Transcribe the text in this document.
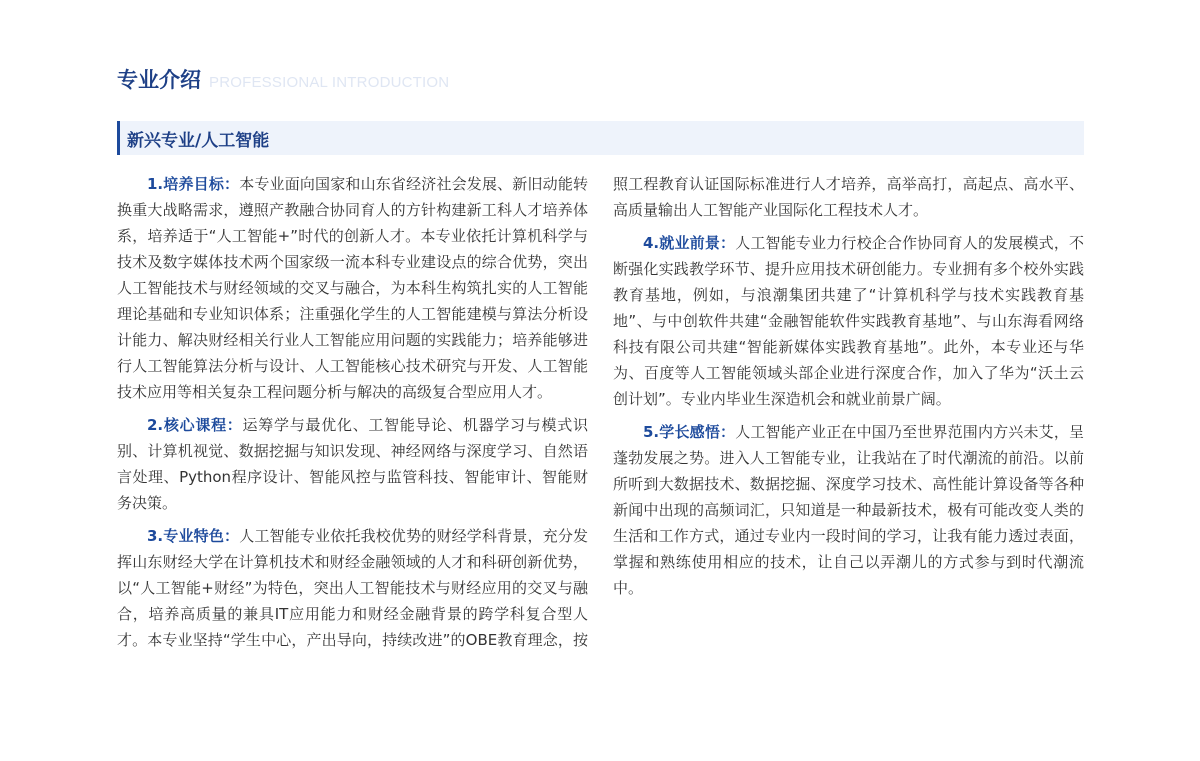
专业介绍 PROFESSIONAL INTRODUCTION
新兴专业/人工智能

1.培养目标：本专业面向国家和山东省经济社会发展、新旧动能转换重大战略需求，遵照产教融合协同育人的方针构建新工科人才培养体系，培养适于“人工智能+”时代的创新人才。本专业依托计算机科学与技术及数字媒体技术两个国家级一流本科专业建设点的综合优势，突出人工智能技术与财经领域的交叉与融合，为本科生构筑扎实的人工智能理论基础和专业知识体系；注重强化学生的人工智能建模与算法分析设计能力、解决财经相关行业人工智能应用问题的实践能力；培养能够进行人工智能算法分析与设计、人工智能核心技术研究与开发、人工智能技术应用等相关复杂工程问题分析与解决的高级复合型应用人才。

2.核心课程：运筹学与最优化、工智能导论、机器学习与模式识别、计算机视觉、数据挖掘与知识发现、神经网络与深度学习、自然语言处理、Python程序设计、智能风控与监管科技、智能审计、智能财务决策。

3.专业特色：人工智能专业依托我校优势的财经学科背景，充分发挥山东财经大学在计算机技术和财经金融领域的人才和科研创新优势，以“人工智能+财经”为特色，突出人工智能技术与财经应用的交叉与融合，培养高质量的兼具IT应用能力和财经金融背景的跨学科复合型人才。本专业坚持“学生中心，产出导向，持续改进”的OBE教育理念，按照工程教育认证国际标准进行人才培养，高举高打，高起点、高水平、高质量输出人工智能产业国际化工程技术人才。

4.就业前景：人工智能专业力行校企合作协同育人的发展模式，不断强化实践教学环节、提升应用技术研创能力。专业拥有多个校外实践教育基地，例如，与浪潮集团共建了“计算机科学与技术实践教育基地”、与中创软件共建“金融智能软件实践教育基地”、与山东海看网络科技有限公司共建“智能新媒体实践教育基地”。此外，本专业还与华为、百度等人工智能领域头部企业进行深度合作，加入了华为“沃土云创计划”。专业内毕业生深造机会和就业前景广阔。

5.学长感悟：人工智能产业正在中国乃至世界范围内方兴未艾，呈蓬勃发展之势。进入人工智能专业，让我站在了时代潮流的前沿。以前所听到大数据技术、数据挖掘、深度学习技术、高性能计算设备等各种新闻中出现的高频词汇，只知道是一种最新技术，极有可能改变人类的生活和工作方式，通过专业内一段时间的学习，让我有能力透过表面，掌握和熟练使用相应的技术，让自己以弄潮儿的方式参与到时代潮流中。
